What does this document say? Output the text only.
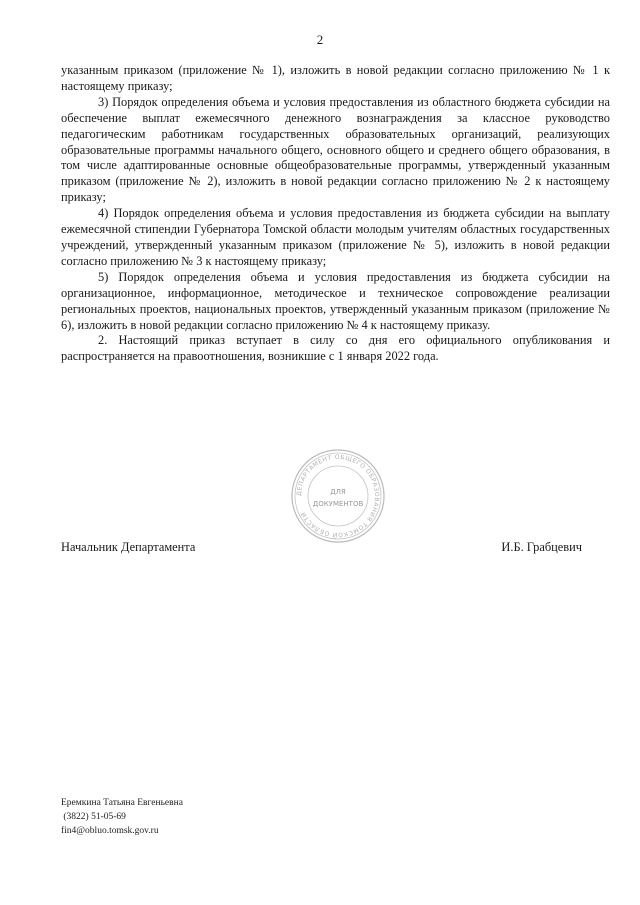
2

указанным приказом (приложение № 1), изложить в новой редакции согласно приложению № 1 к настоящему приказу;

3) Порядок определения объема и условия предоставления из областного бюджета субсидии на обеспечение выплат ежемесячного денежного вознаграждения за классное руководство педагогическим работникам государственных образовательных организаций, реализующих образовательные программы начального общего, основного общего и среднего общего образования, в том числе адаптированные основные общеобразовательные программы, утвержденный указанным приказом (приложение № 2), изложить в новой редакции согласно приложению № 2 к настоящему приказу;

4) Порядок определения объема и условия предоставления из бюджета субсидии на выплату ежемесячной стипендии Губернатора Томской области молодым учителям областных государственных учреждений, утвержденный указанным приказом (приложение № 5), изложить в новой редакции согласно приложению № 3 к настоящему приказу;

5) Порядок определения объема и условия предоставления из бюджета субсидии на организационное, информационное, методическое и техническое сопровождение реализации региональных проектов, национальных проектов, утвержденный указанным приказом (приложение № 6), изложить в новой редакции согласно приложению № 4 к настоящему приказу.

2. Настоящий приказ вступает в силу со дня его официального опубликования и распространяется на правоотношения, возникшие с 1 января 2022 года.

ДЕПАРТАМЕНТ ОБЩЕГО ОБРАЗОВАНИЯ ТОМСКОЙ ОБЛАСТИ
ДЛЯ
ДОКУМЕНТОВ
Начальник Департамента	И.Б. Грабцевич
Еремкина Татьяна Евгеньевна
(3822) 51-05-69
fin4@obluo.tomsk.gov.ru
